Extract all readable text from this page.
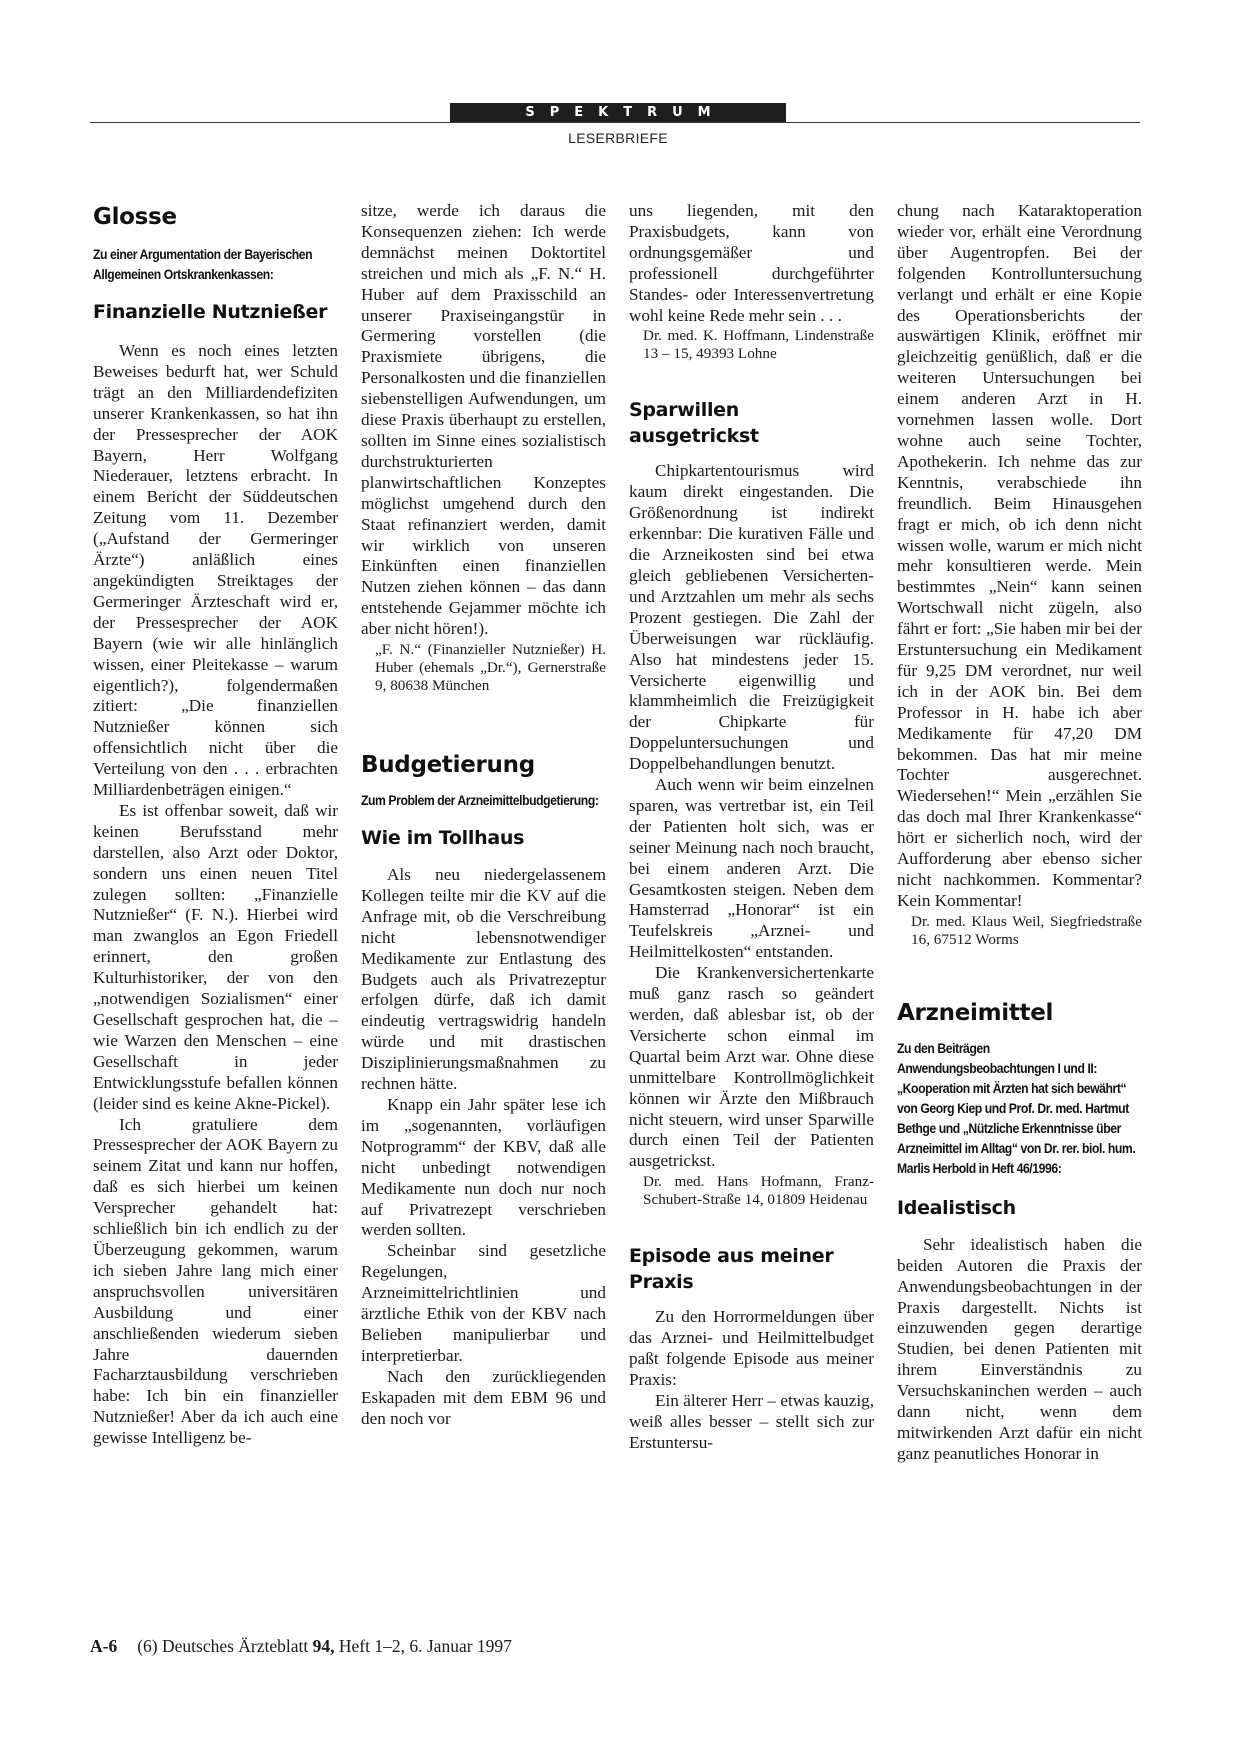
SPEKTRUM
LESERBRIEFE
Glosse
Zu einer Argumentation der Bayerischen Allgemeinen Ortskrankenkassen:
Finanzielle Nutznießer

Wenn es noch eines letzten Beweises bedurft hat, wer Schuld trägt an den Milliardendefiziten unserer Krankenkassen, so hat ihn der Pressesprecher der AOK Bayern, Herr Wolfgang Niederauer, letztens erbracht. In einem Bericht der Süddeutschen Zeitung vom 11. Dezember („Aufstand der Germeringer Ärzte“) anläßlich eines angekündigten Streiktages der Germeringer Ärzteschaft wird er, der Pressesprecher der AOK Bayern (wie wir alle hinlänglich wissen, einer Pleitekasse – warum eigentlich?), folgendermaßen zitiert: „Die finanziellen Nutznießer können sich offensichtlich nicht über die Verteilung von den . . . erbrachten Milliardenbeträgen einigen.“

Es ist offenbar soweit, daß wir keinen Berufsstand mehr darstellen, also Arzt oder Doktor, sondern uns einen neuen Titel zulegen sollten: „Finanzielle Nutznießer“ (F. N.). Hierbei wird man zwanglos an Egon Friedell erinnert, den großen Kulturhistoriker, der von den „notwendigen Sozialismen“ einer Gesellschaft gesprochen hat, die – wie Warzen den Menschen – eine Gesellschaft in jeder Entwicklungsstufe befallen können (leider sind es keine Akne-Pickel).

Ich gratuliere dem Pressesprecher der AOK Bayern zu seinem Zitat und kann nur hoffen, daß es sich hierbei um keinen Versprecher gehandelt hat: schließlich bin ich endlich zu der Überzeugung gekommen, warum ich sieben Jahre lang mich einer anspruchsvollen universitären Ausbildung und einer anschließenden wiederum sieben Jahre dauernden Facharztausbildung verschrieben habe: Ich bin ein finanzieller Nutznießer! Aber da ich auch eine gewisse Intelligenz be-

sitze, werde ich daraus die Konsequenzen ziehen: Ich werde demnächst meinen Doktortitel streichen und mich als „F. N.“ H. Huber auf dem Praxisschild an unserer Praxiseingangstür in Germering vorstellen (die Praxismiete übrigens, die Personalkosten und die finanziellen siebenstelligen Aufwendungen, um diese Praxis überhaupt zu erstellen, sollten im Sinne eines sozialistisch durchstrukturierten planwirtschaftlichen Konzeptes möglichst umgehend durch den Staat refinanziert werden, damit wir wirklich von unseren Einkünften einen finanziellen Nutzen ziehen können – das dann entstehende Gejammer möchte ich aber nicht hören!).

„F. N.“ (Finanzieller Nutznießer) H. Huber (ehemals „Dr.“), Gernerstraße 9, 80638 München

Budgetierung
Zum Problem der Arzneimittelbudgetierung:
Wie im Tollhaus

Als neu niedergelassenem Kollegen teilte mir die KV auf die Anfrage mit, ob die Verschreibung nicht lebensnotwendiger Medikamente zur Entlastung des Budgets auch als Privatrezeptur erfolgen dürfe, daß ich damit eindeutig vertragswidrig handeln würde und mit drastischen Disziplinierungsmaßnahmen zu rechnen hätte.

Knapp ein Jahr später lese ich im „sogenannten, vorläufigen Notprogramm“ der KBV, daß alle nicht unbedingt notwendigen Medikamente nun doch nur noch auf Privatrezept verschrieben werden sollten.

Scheinbar sind gesetzliche Regelungen, Arzneimittelrichtlinien und ärztliche Ethik von der KBV nach Belieben manipulierbar und interpretierbar.

Nach den zurückliegenden Eskapaden mit dem EBM 96 und den noch vor

uns liegenden, mit den Praxisbudgets, kann von ordnungsgemäßer und professionell durchgeführter Standes- oder Interessenvertretung wohl keine Rede mehr sein . . .

Dr. med. K. Hoffmann, Lindenstraße 13 – 15, 49393 Lohne

Sparwillen ausgetrickst

Chipkartentourismus wird kaum direkt eingestanden. Die Größenordnung ist indirekt erkennbar: Die kurativen Fälle und die Arzneikosten sind bei etwa gleich gebliebenen Versicherten- und Arztzahlen um mehr als sechs Prozent gestiegen. Die Zahl der Überweisungen war rückläufig. Also hat mindestens jeder 15. Versicherte eigenwillig und klammheimlich die Freizügigkeit der Chipkarte für Doppeluntersuchungen und Doppelbehandlungen benutzt.

Auch wenn wir beim einzelnen sparen, was vertretbar ist, ein Teil der Patienten holt sich, was er seiner Meinung nach noch braucht, bei einem anderen Arzt. Die Gesamtkosten steigen. Neben dem Hamsterrad „Honorar“ ist ein Teufelskreis „Arznei- und Heilmittelkosten“ entstanden.

Die Krankenversichertenkarte muß ganz rasch so geändert werden, daß ablesbar ist, ob der Versicherte schon einmal im Quartal beim Arzt war. Ohne diese unmittelbare Kontrollmöglichkeit können wir Ärzte den Mißbrauch nicht steuern, wird unser Sparwille durch einen Teil der Patienten ausgetrickst.

Dr. med. Hans Hofmann, Franz-Schubert-Straße 14, 01809 Heidenau

Episode aus meiner Praxis

Zu den Horrormeldungen über das Arznei- und Heilmittelbudget paßt folgende Episode aus meiner Praxis:

Ein älterer Herr – etwas kauzig, weiß alles besser – stellt sich zur Erstuntersu-

chung nach Kataraktoperation wieder vor, erhält eine Verordnung über Augentropfen. Bei der folgenden Kontrolluntersuchung verlangt und erhält er eine Kopie des Operationsberichts der auswärtigen Klinik, eröffnet mir gleichzeitig genüßlich, daß er die weiteren Untersuchungen bei einem anderen Arzt in H. vornehmen lassen wolle. Dort wohne auch seine Tochter, Apothekerin. Ich nehme das zur Kenntnis, verabschiede ihn freundlich. Beim Hinausgehen fragt er mich, ob ich denn nicht wissen wolle, warum er mich nicht mehr konsultieren werde. Mein bestimmtes „Nein“ kann seinen Wortschwall nicht zügeln, also fährt er fort: „Sie haben mir bei der Erstuntersuchung ein Medikament für 9,25 DM verordnet, nur weil ich in der AOK bin. Bei dem Professor in H. habe ich aber Medikamente für 47,20 DM bekommen. Das hat mir meine Tochter ausgerechnet. Wiedersehen!“ Mein „erzählen Sie das doch mal Ihrer Krankenkasse“ hört er sicherlich noch, wird der Aufforderung aber ebenso sicher nicht nachkommen. Kommentar? Kein Kommentar!

Dr. med. Klaus Weil, Siegfriedstraße 16, 67512 Worms

Arzneimittel
Zu den Beiträgen Anwendungsbeobachtungen I und II: „Kooperation mit Ärzten hat sich bewährt“ von Georg Kiep und Prof. Dr. med. Hartmut Bethge und „Nützliche Erkenntnisse über Arzneimittel im Alltag“ von Dr. rer. biol. hum. Marlis Herbold in Heft 46/1996:
Idealistisch

Sehr idealistisch haben die beiden Autoren die Praxis der Anwendungsbeobachtungen in der Praxis dargestellt. Nichts ist einzuwenden gegen derartige Studien, bei denen Patienten mit ihrem Einverständnis zu Versuchskaninchen werden – auch dann nicht, wenn dem mitwirkenden Arzt dafür ein nicht ganz peanutliches Honorar in

A-6 (6) Deutsches Ärzteblatt 94, Heft 1–2, 6. Januar 1997
